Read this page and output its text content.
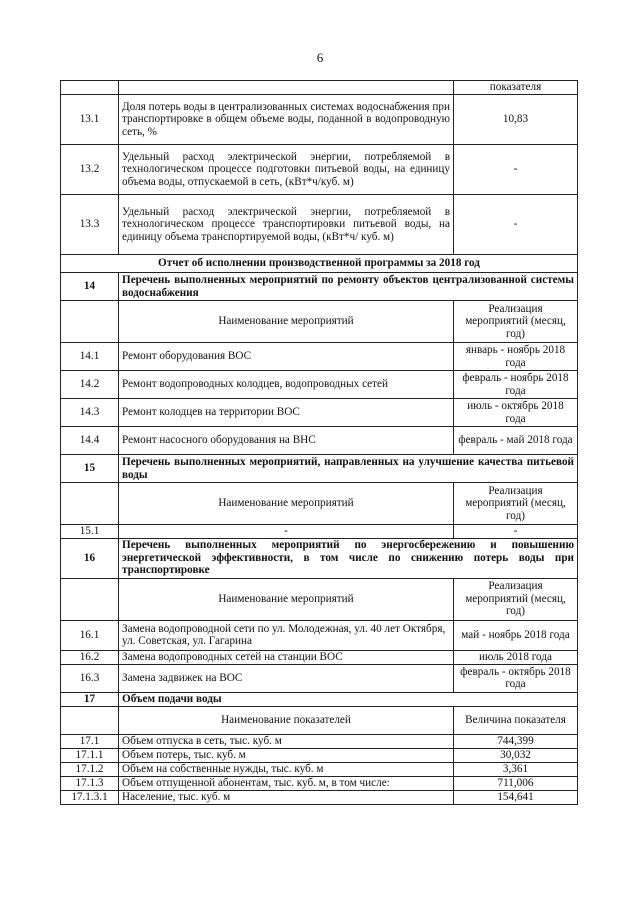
6
		показателя
13.1	Доля потерь воды в централизованных системах водоснабжения при транспортировке в общем объеме воды, поданной в водопроводную сеть, %	10,83
13.2	Удельный расход электрической энергии, потребляемой в технологическом процессе подготовки питьевой воды, на единицу объема воды, отпускаемой в сеть, (кВт*ч/куб. м)	-
13.3	Удельный расход электрической энергии, потребляемой в технологическом процессе транспортировки питьевой воды, на единицу объема транспортируемой воды, (кВт*ч/ куб. м)	-
Отчет об исполнении производственной программы за 2018 год		
14	Перечень выполненных мероприятий по ремонту объектов централизованной системы водоснабжения	
	Наименование мероприятий	Реализация мероприятий (месяц, год)
14.1	Ремонт оборудования ВОС	январь - ноябрь 2018 года
14.2	Ремонт водопроводных колодцев, водопроводных сетей	февраль - ноябрь 2018 года
14.3	Ремонт колодцев на территории ВОС	июль - октябрь 2018 года
14.4	Ремонт насосного оборудования на ВНС	февраль - май 2018 года
15	Перечень выполненных мероприятий, направленных на улучшение качества питьевой воды	
	Наименование мероприятий	Реализация мероприятий (месяц, год)
15.1	-	-
16	Перечень выполненных мероприятий по энергосбережению и повышению энергетической эффективности, в том числе по снижению потерь воды при транспортировке	
	Наименование мероприятий	Реализация мероприятий (месяц, год)
16.1	Замена водопроводной сети по ул. Молодежная, ул. 40 лет Октября, ул. Советская, ул. Гагарина	май - ноябрь 2018 года
16.2	Замена водопроводных сетей на станции ВОС	июль 2018 года
16.3	Замена задвижек на ВОС	февраль - октябрь 2018 года
17	Объем подачи воды	
	Наименование показателей	Величина показателя
17.1	Объем отпуска в сеть, тыс. куб. м	744,399
17.1.1	Объем потерь, тыс. куб. м	30,032
17.1.2	Объем на собственные нужды, тыс. куб. м	3,361
17.1.3	Объем отпущенной абонентам, тыс. куб. м, в том числе:	711,006
17.1.3.1	Население, тыс. куб. м	154,641
